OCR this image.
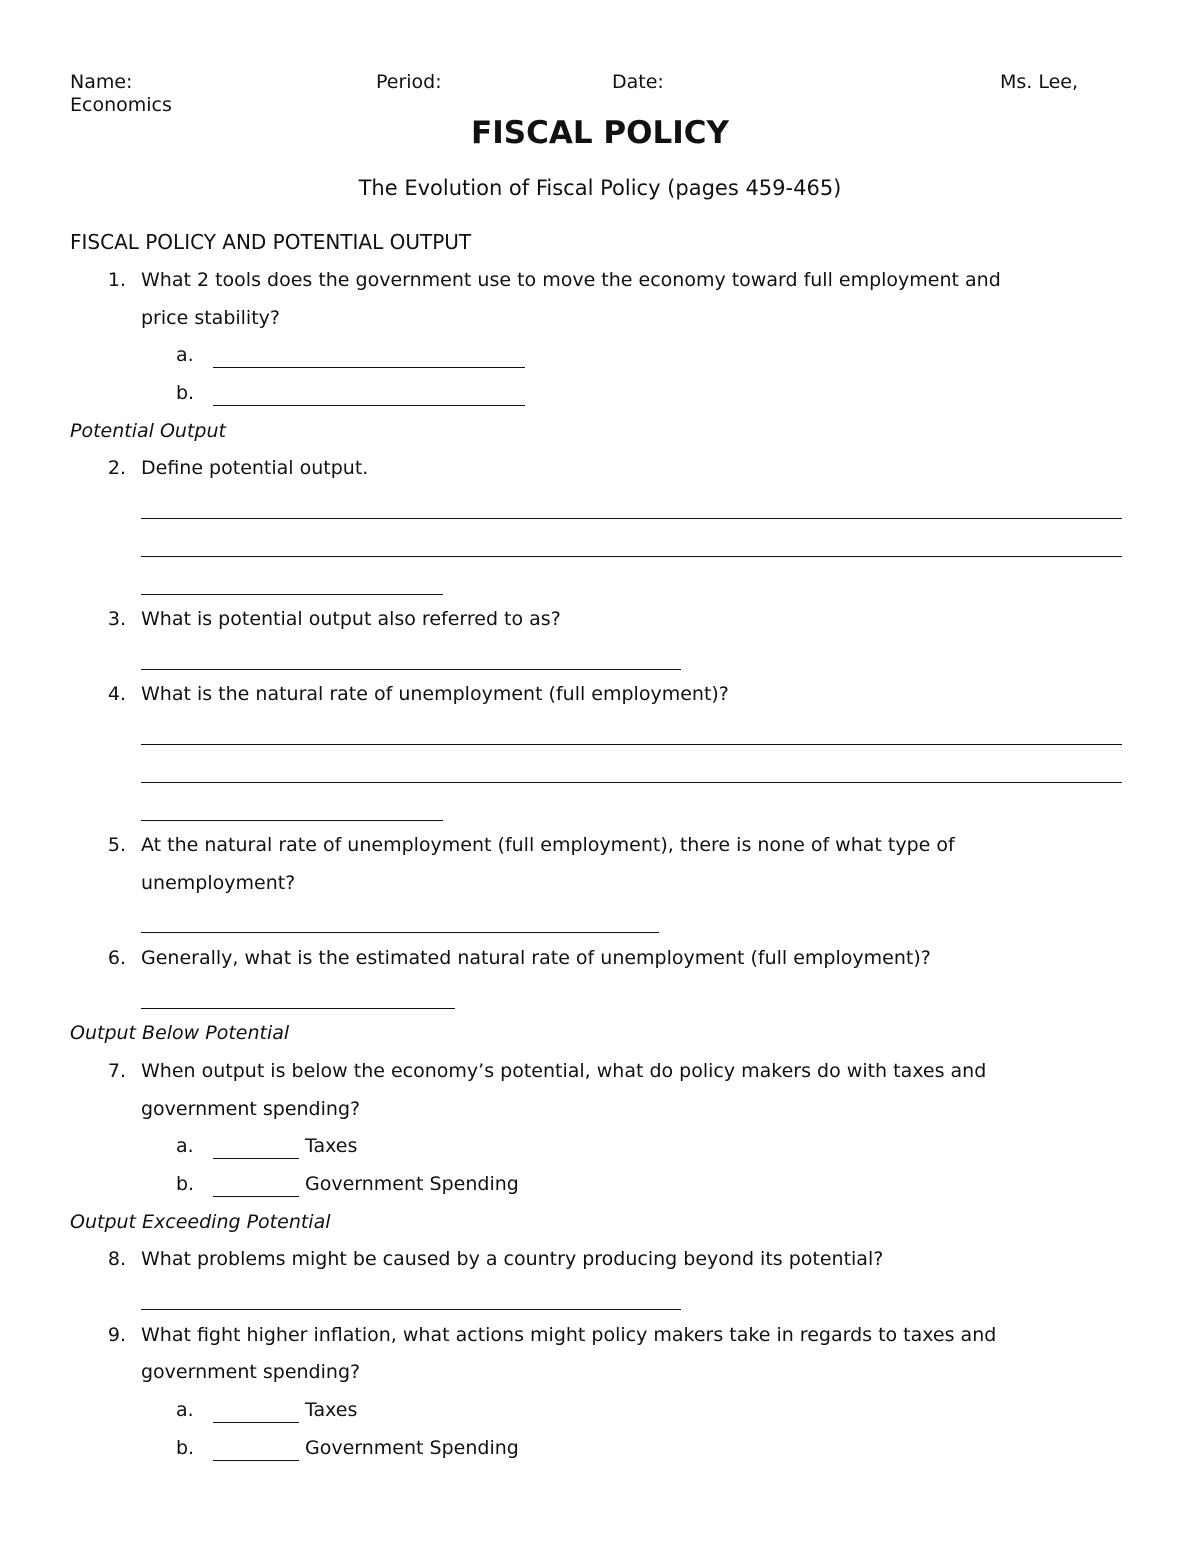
Name:	Period:	Date:	Ms. Lee,
Economics
FISCAL POLICY
The Evolution of Fiscal Policy (pages 459-465)
FISCAL POLICY AND POTENTIAL OUTPUT
1. What 2 tools does the government use to move the economy toward full employment and
price stability?
a.
b.
Potential Output
2. Define potential output.
3. What is potential output also referred to as?
4. What is the natural rate of unemployment (full employment)?
5. At the natural rate of unemployment (full employment), there is none of what type of
unemployment?
6. Generally, what is the estimated natural rate of unemployment (full employment)?
Output Below Potential
7. When output is below the economy’s potential, what do policy makers do with taxes and
government spending?
a.	Taxes
b.	Government Spending
Output Exceeding Potential
8. What problems might be caused by a country producing beyond its potential?
9. What fight higher inflation, what actions might policy makers take in regards to taxes and
government spending?
a.	Taxes
b.	Government Spending
